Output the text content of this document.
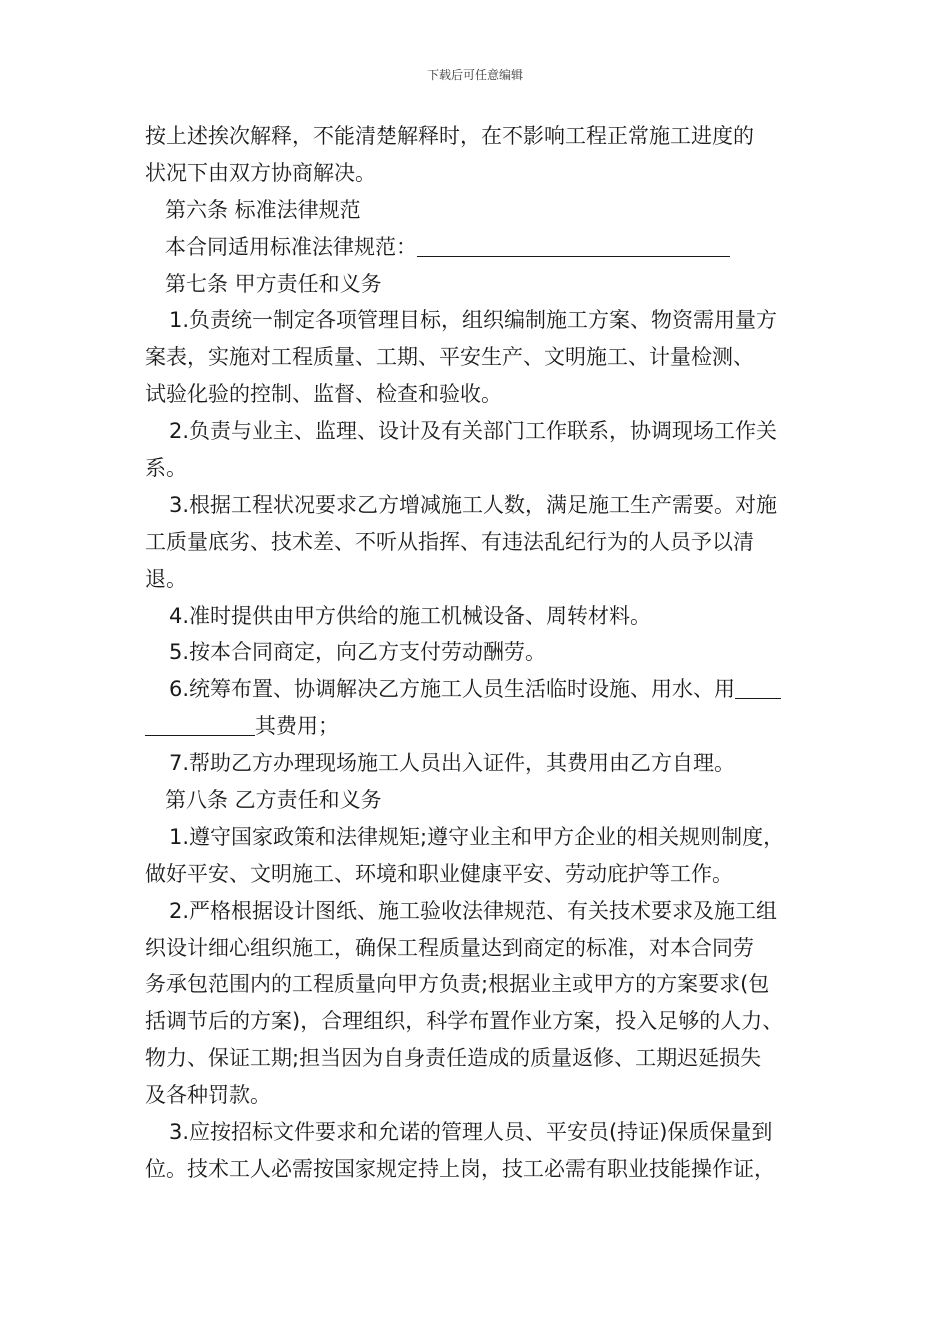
下载后可任意编辑
按上述挨次解释，不能清楚解释时，在不影响工程正常施工进度的
状况下由双方协商解决。
第六条 标准法律规范
本合同适用标准法律规范：
第七条 甲方责任和义务
1.负责统一制定各项管理目标，组织编制施工方案、物资需用量方
案表，实施对工程质量、工期、平安生产、文明施工、计量检测、
试验化验的控制、监督、检查和验收。
2.负责与业主、监理、设计及有关部门工作联系，协调现场工作关
系。
3.根据工程状况要求乙方增减施工人数，满足施工生产需要。对施
工质量底劣、技术差、不听从指挥、有违法乱纪行为的人员予以清
退。
4.准时提供由甲方供给的施工机械设备、周转材料。
5.按本合同商定，向乙方支付劳动酬劳。
6.统筹布置、协调解决乙方施工人员生活临时设施、用水、用
其费用；
7.帮助乙方办理现场施工人员出入证件，其费用由乙方自理。
第八条 乙方责任和义务
1.遵守国家政策和法律规矩;遵守业主和甲方企业的相关规则制度，
做好平安、文明施工、环境和职业健康平安、劳动庇护等工作。
2.严格根据设计图纸、施工验收法律规范、有关技术要求及施工组
织设计细心组织施工，确保工程质量达到商定的标准，对本合同劳
务承包范围内的工程质量向甲方负责;根据业主或甲方的方案要求(包
括调节后的方案)，合理组织，科学布置作业方案，投入足够的人力、
物力、保证工期;担当因为自身责任造成的质量返修、工期迟延损失
及各种罚款。
3.应按招标文件要求和允诺的管理人员、平安员(持证)保质保量到
位。技术工人必需按国家规定持上岗，技工必需有职业技能操作证，
